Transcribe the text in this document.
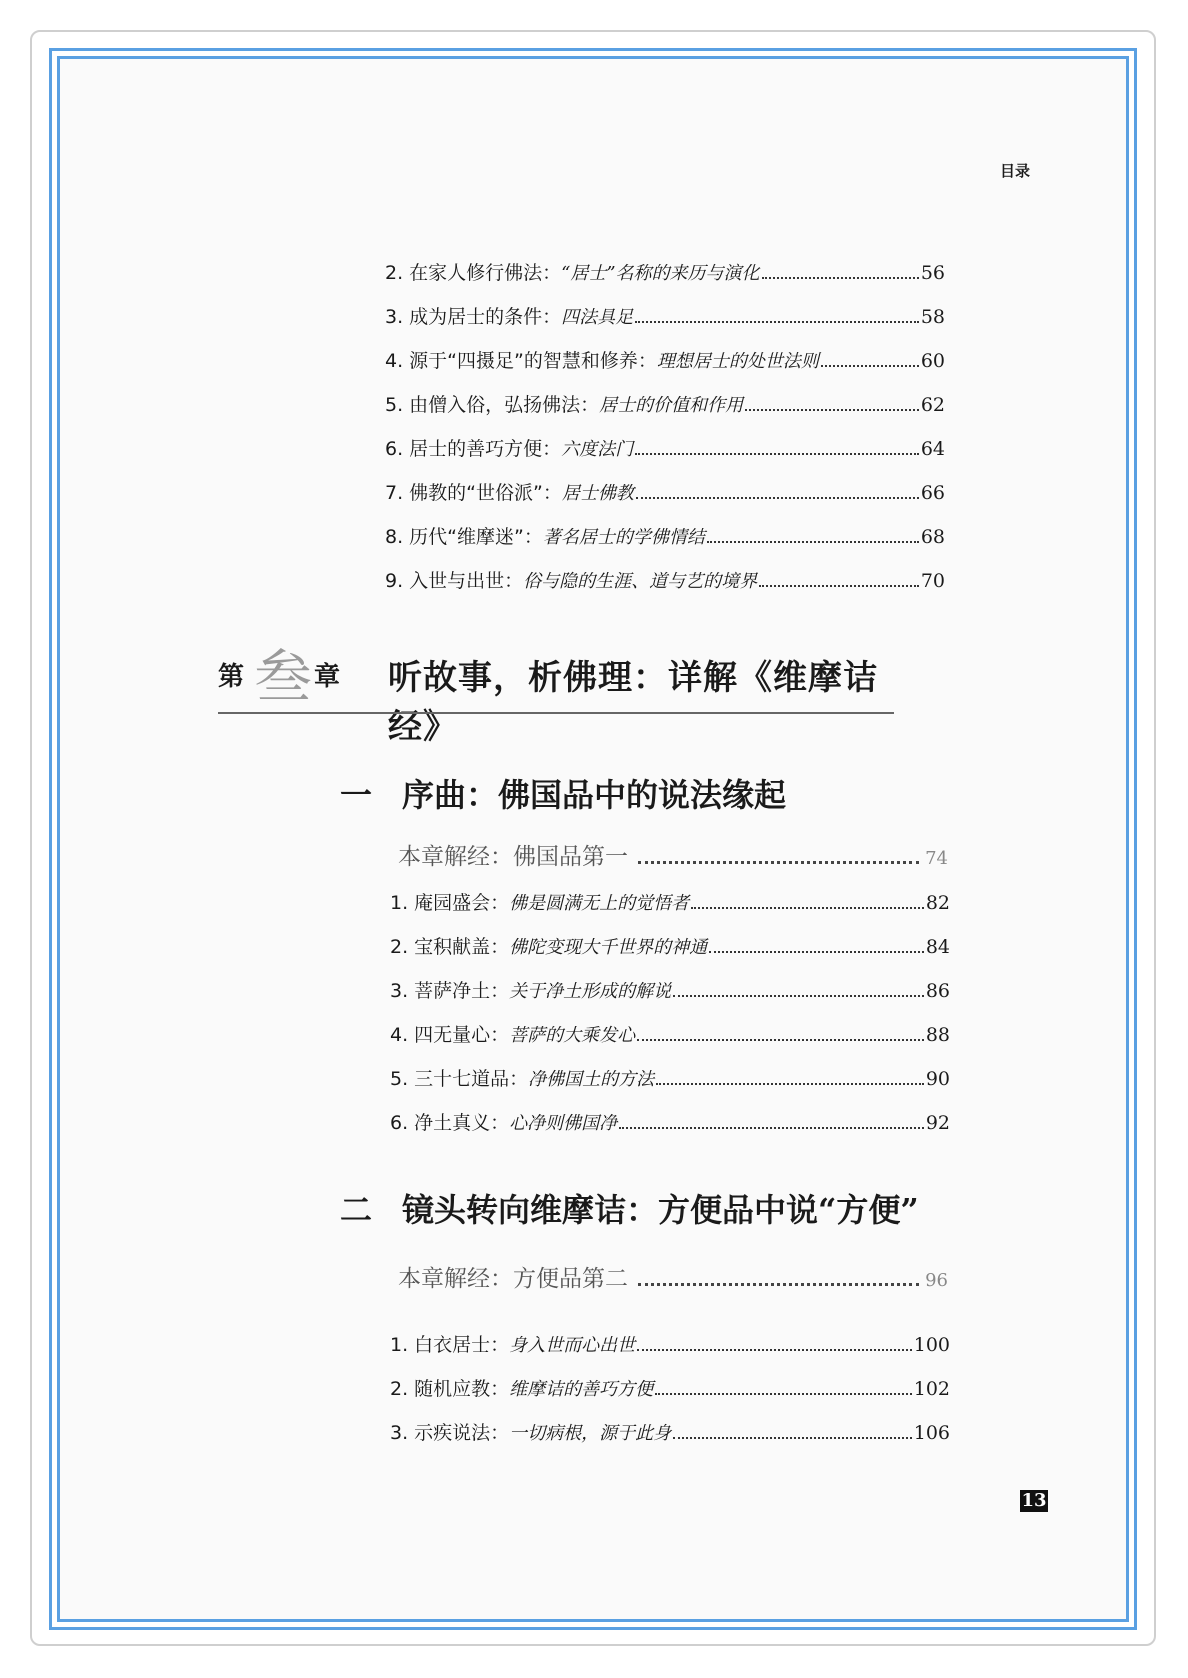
目录
2. 在家人修行佛法： “居士”名称的来历与演化	56
3. 成为居士的条件： 四法具足	58
4. 源于“四摄足”的智慧和修养： 理想居士的处世法则	60
5. 由僧入俗，弘扬佛法： 居士的价值和作用	62
6. 居士的善巧方便： 六度法门	64
7. 佛教的“世俗派”： 居士佛教	66
8. 历代“维摩迷”： 著名居士的学佛情结	68
9. 入世与出世： 俗与隐的生涯、道与艺的境界	70
第 叁 章 听故事，析佛理：详解《维摩诘经》
一 序曲：佛国品中的说法缘起
本章解经：佛国品第一	74
1. 庵园盛会： 佛是圆满无上的觉悟者	82
2. 宝积献盖： 佛陀变现大千世界的神通	84
3. 菩萨净土： 关于净土形成的解说	86
4. 四无量心： 菩萨的大乘发心	88
5. 三十七道品： 净佛国土的方法	90
6. 净土真义： 心净则佛国净	92
二 镜头转向维摩诘：方便品中说“方便”
本章解经：方便品第二	96
1. 白衣居士： 身入世而心出世	100
2. 随机应教： 维摩诘的善巧方便	102
3. 示疾说法： 一切病根，源于此身	106
13
